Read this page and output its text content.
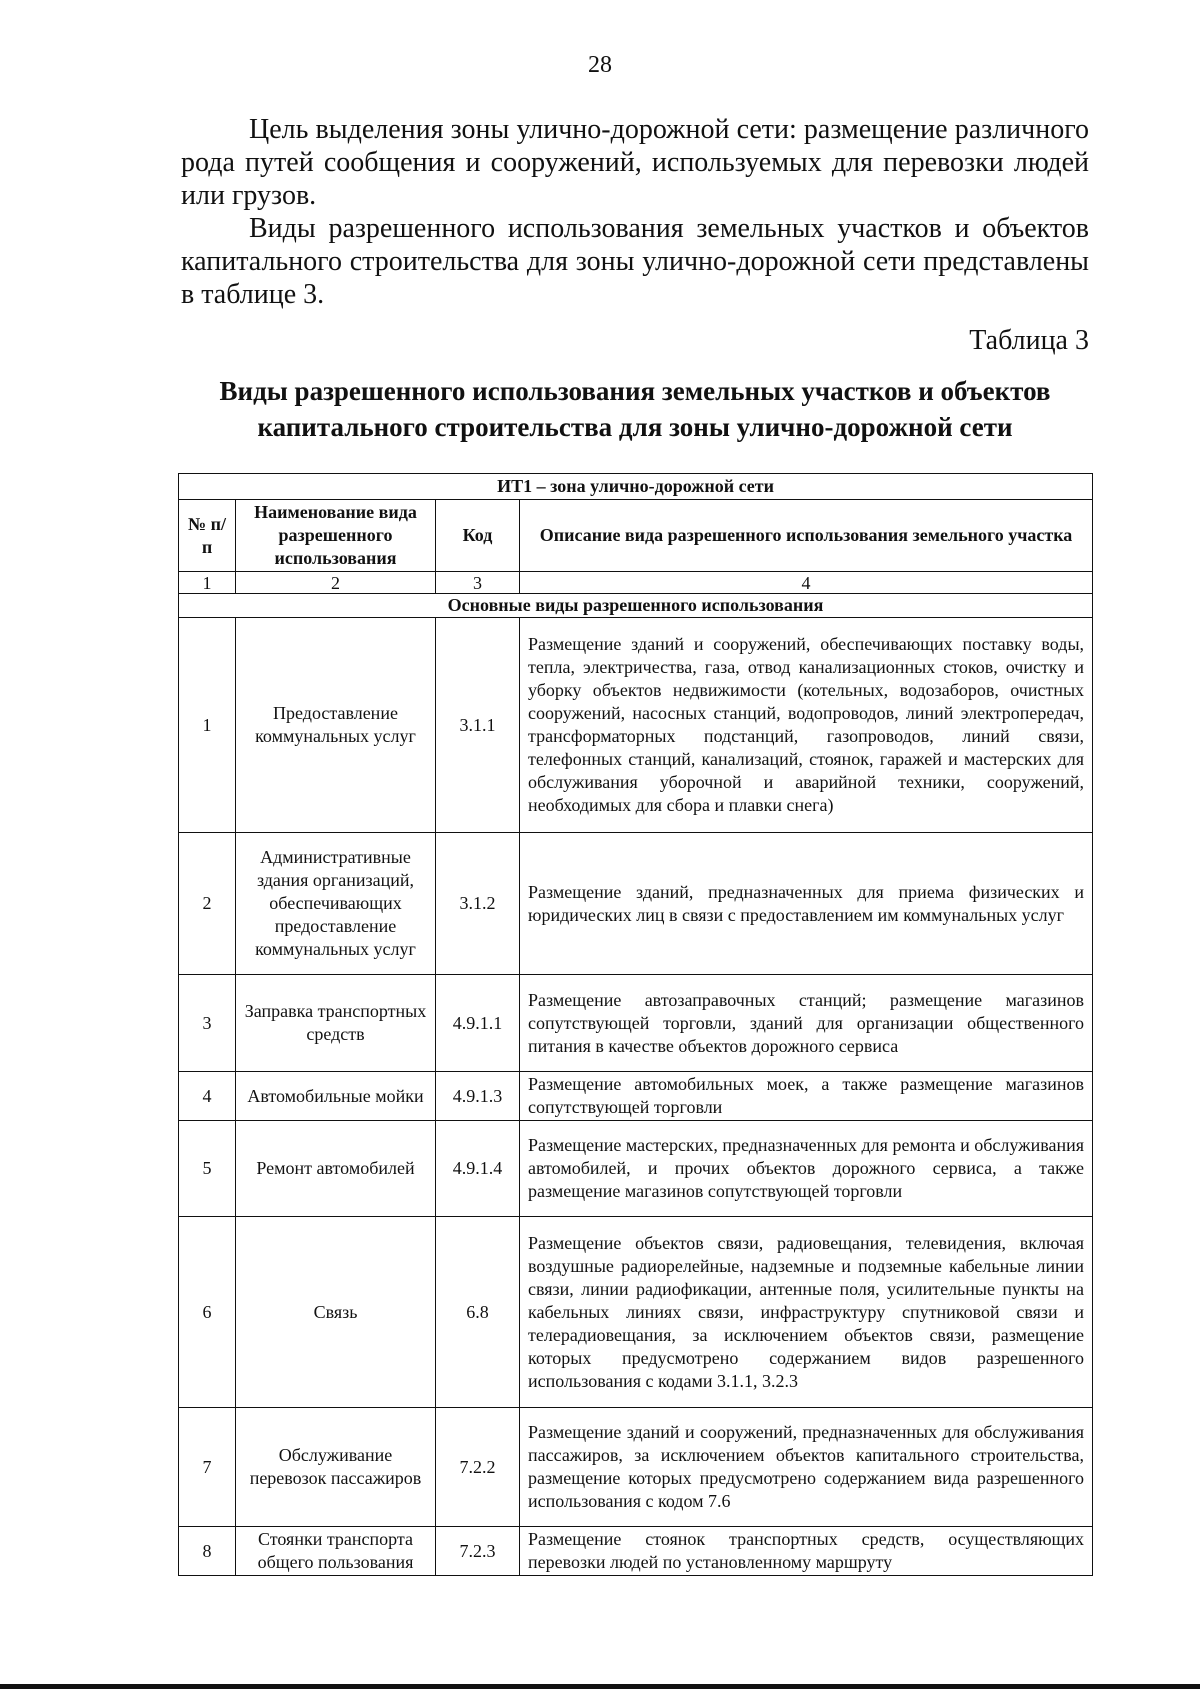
28

Цель выделения зоны улично-дорожной сети: размещение различного рода путей сообщения и сооружений, используемых для перевозки людей или грузов.

Виды разрешенного использования земельных участков и объектов капитального строительства для зоны улично-дорожной сети представлены в таблице 3.

Таблица 3
Виды разрешенного использования земельных участков и объектов капитального строительства для зоны улично-дорожной сети
ИТ1 – зона улично-дорожной сети			
№ п/п	Наименование вида разрешенного использования	Код	Описание вида разрешенного использования земельного участка
1	2	3	4
Основные виды разрешенного использования			
1	Предоставление коммунальных услуг	3.1.1	Размещение зданий и сооружений, обеспечивающих поставку воды, тепла, электричества, газа, отвод канализационных стоков, очистку и уборку объектов недвижимости (котельных, водозаборов, очистных сооружений, насосных станций, водопроводов, линий электропередач, трансформаторных подстанций, газопроводов, линий связи, телефонных станций, канализаций, стоянок, гаражей и мастерских для обслуживания уборочной и аварийной техники, сооружений, необходимых для сбора и плавки снега)
2	Административные здания организаций, обеспечивающих предоставление коммунальных услуг	3.1.2	Размещение зданий, предназначенных для приема физических и юридических лиц в связи с предоставлением им коммунальных услуг
3	Заправка транспортных средств	4.9.1.1	Размещение автозаправочных станций; размещение магазинов сопутствующей торговли, зданий для организации общественного питания в качестве объектов дорожного сервиса
4	Автомобильные мойки	4.9.1.3	Размещение автомобильных моек, а также размещение магазинов сопутствующей торговли
5	Ремонт автомобилей	4.9.1.4	Размещение мастерских, предназначенных для ремонта и обслуживания автомобилей, и прочих объектов дорожного сервиса, а также размещение магазинов сопутствующей торговли
6	Связь	6.8	Размещение объектов связи, радиовещания, телевидения, включая воздушные радиорелейные, надземные и подземные кабельные линии связи, линии радиофикации, антенные поля, усилительные пункты на кабельных линиях связи, инфраструктуру спутниковой связи и телерадиовещания, за исключением объектов связи, размещение которых предусмотрено содержанием видов разрешенного использования с кодами 3.1.1, 3.2.3
7	Обслуживание перевозок пассажиров	7.2.2	Размещение зданий и сооружений, предназначенных для обслуживания пассажиров, за исключением объектов капитального строительства, размещение которых предусмотрено содержанием вида разрешенного использования с кодом 7.6
8	Стоянки транспорта общего пользования	7.2.3	Размещение стоянок транспортных средств, осуществляющих перевозки людей по установленному маршруту
